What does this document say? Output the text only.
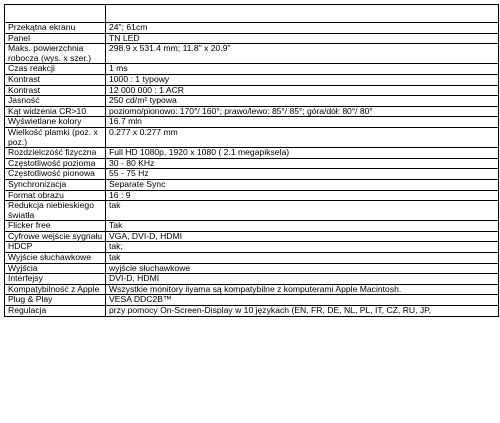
Przekątna ekranu	24"; 61cm
Panel	TN LED
Maks. powierzchnia robocza (wys. x szer.)	298.9 x 531.4 mm; 11.8" x 20.9"
Czas reakcji	1 ms
Kontrast	1000 : 1 typowy
Kontrast	12 000 000 : 1 ACR
Jasność	250 cd/m² typowa
Kąt widzenia CR>10	poziomo/pionowo: 170°/ 160°; prawo/lewo: 85°/ 85°; góra/dół: 80°/ 80°
Wyświetlane kolory	16.7 mln
Wielkość plamki (poz. x poz.)	0.277 x 0.277 mm
Rozdzielczość fizyczna	Full HD 1080p, 1920 x 1080 ( 2.1 megapiksela)
Częstotliwość pozioma	30 - 80 KHz
Częstotliwość pionowa	55 - 75 Hz
Synchronizacja	Separate Sync
Format obrazu	16 : 9
Redukcja niebieskiego światła	tak
Flicker free	Tak
Cyfrowe wejście sygnału	VGA, DVI-D, HDMI
HDCP	tak;
Wyjście słuchawkowe	tak
Wyjścia	wyjście słuchawkowe
Interfejsy	DVI-D, HDMI
Kompatybilność z Apple	Wszystkie monitory iiyama są kompatybilne z komputerami Apple Macintosh.
Plug & Play	VESA DDC2B™
Regulacja	przy pomocy On-Screen-Display w 10 językach (EN, FR, DE, NL, PL, IT, CZ, RU, JP,
